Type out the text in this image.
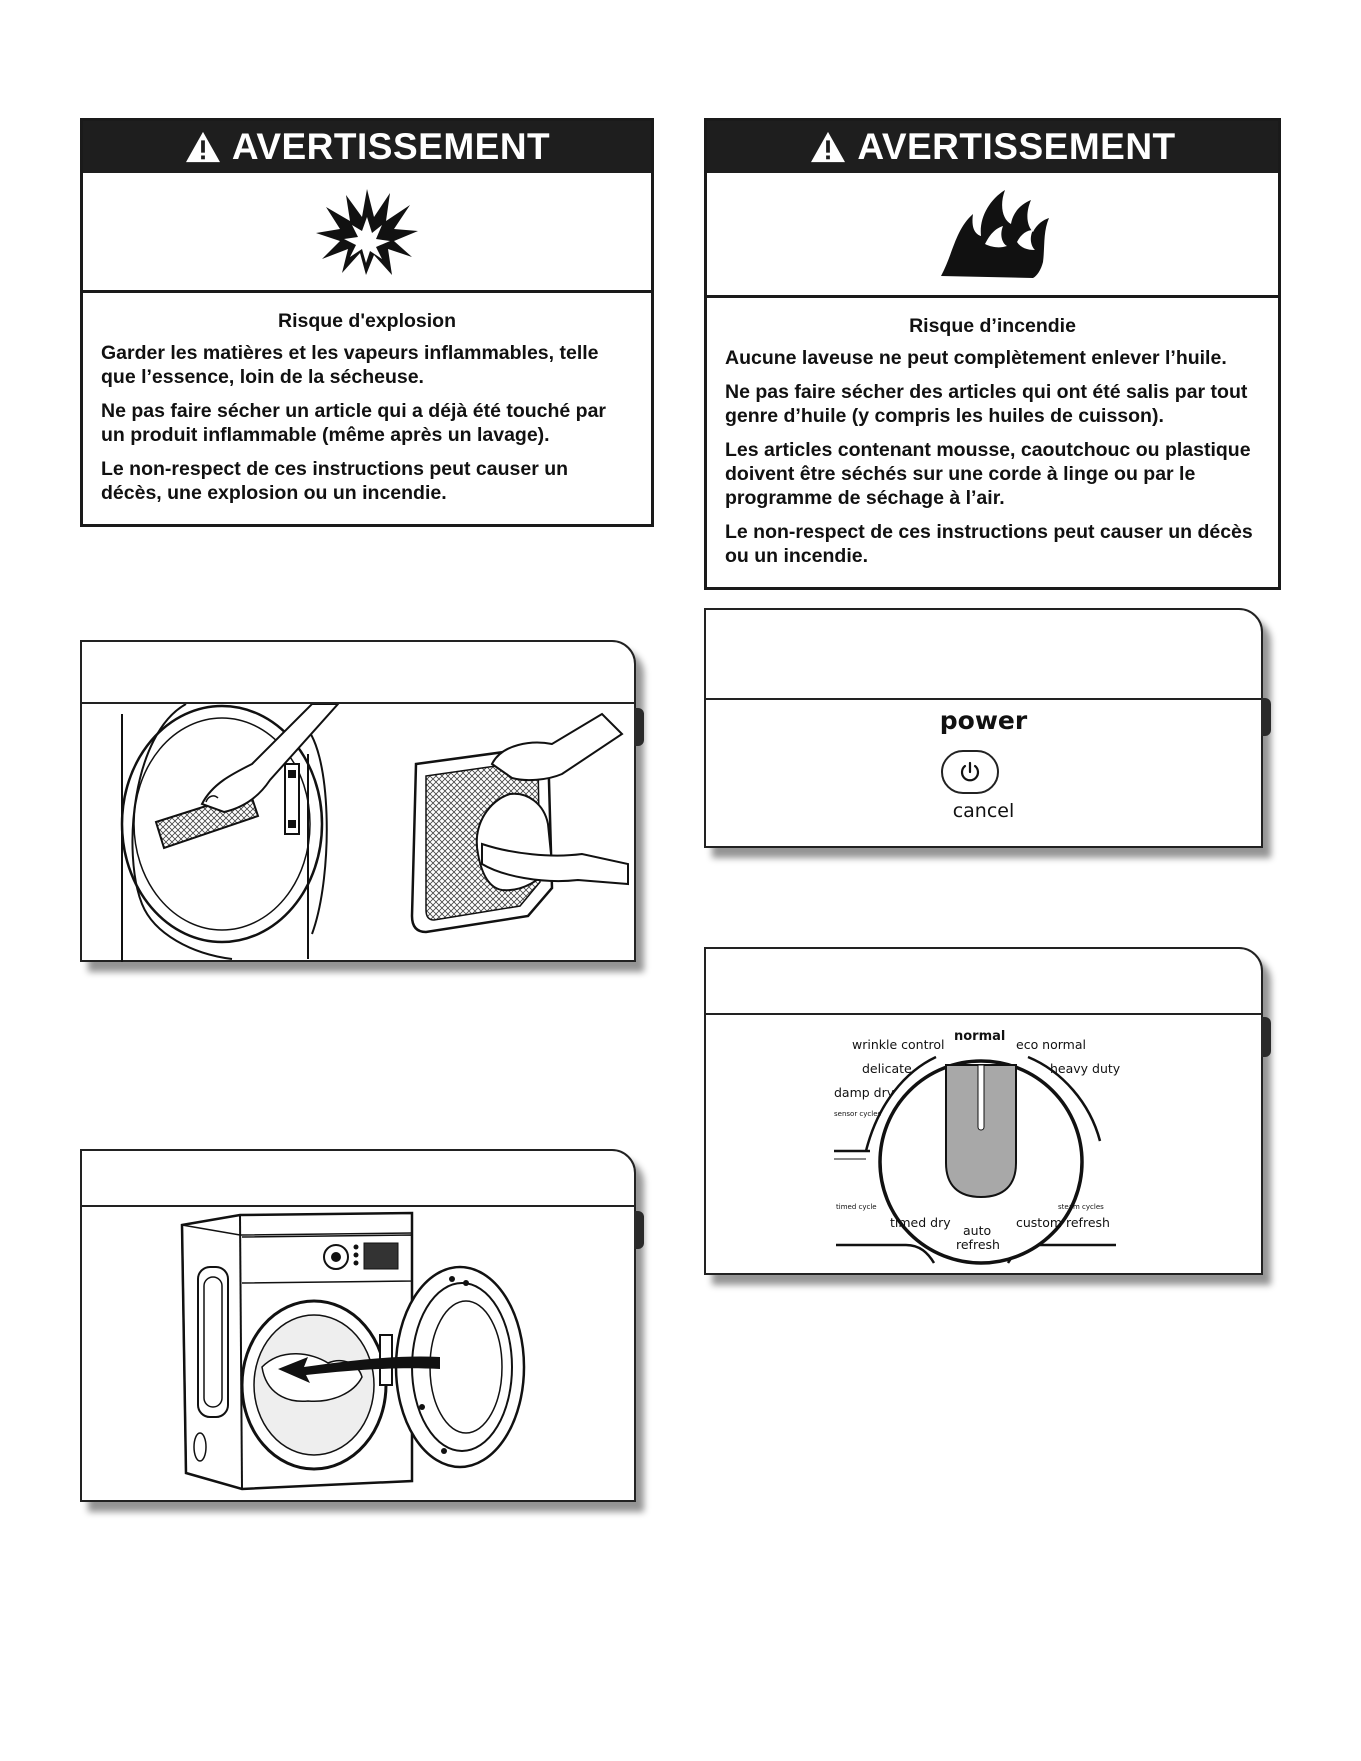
AVERTISSEMENT

Risque d'explosion

Garder les matières et les vapeurs inflammables, telle que l’essence, loin de la sécheuse.

Ne pas faire sécher un article qui a déjà été touché par un produit inflammable (même après un lavage).

Le non-respect de ces instructions peut causer un décès, une explosion ou un incendie.

AVERTISSEMENT

Risque d’incendie

Aucune laveuse ne peut complètement enlever l’huile.

Ne pas faire sécher des articles qui ont été salis par tout genre d’huile (y compris les huiles de cuisson).

Les articles contenant mousse, caoutchouc ou plastique doivent être séchés sur une corde à linge ou par le programme de séchage à l’air.

Le non-respect de ces instructions peut causer un décès ou un incendie.

power
cancel
normal
wrinkle control	eco normal
delicate	heavy duty
damp dry
sensor cycles
timed cycle	steam cycles
timed dry
auto
refresh
custom refresh
